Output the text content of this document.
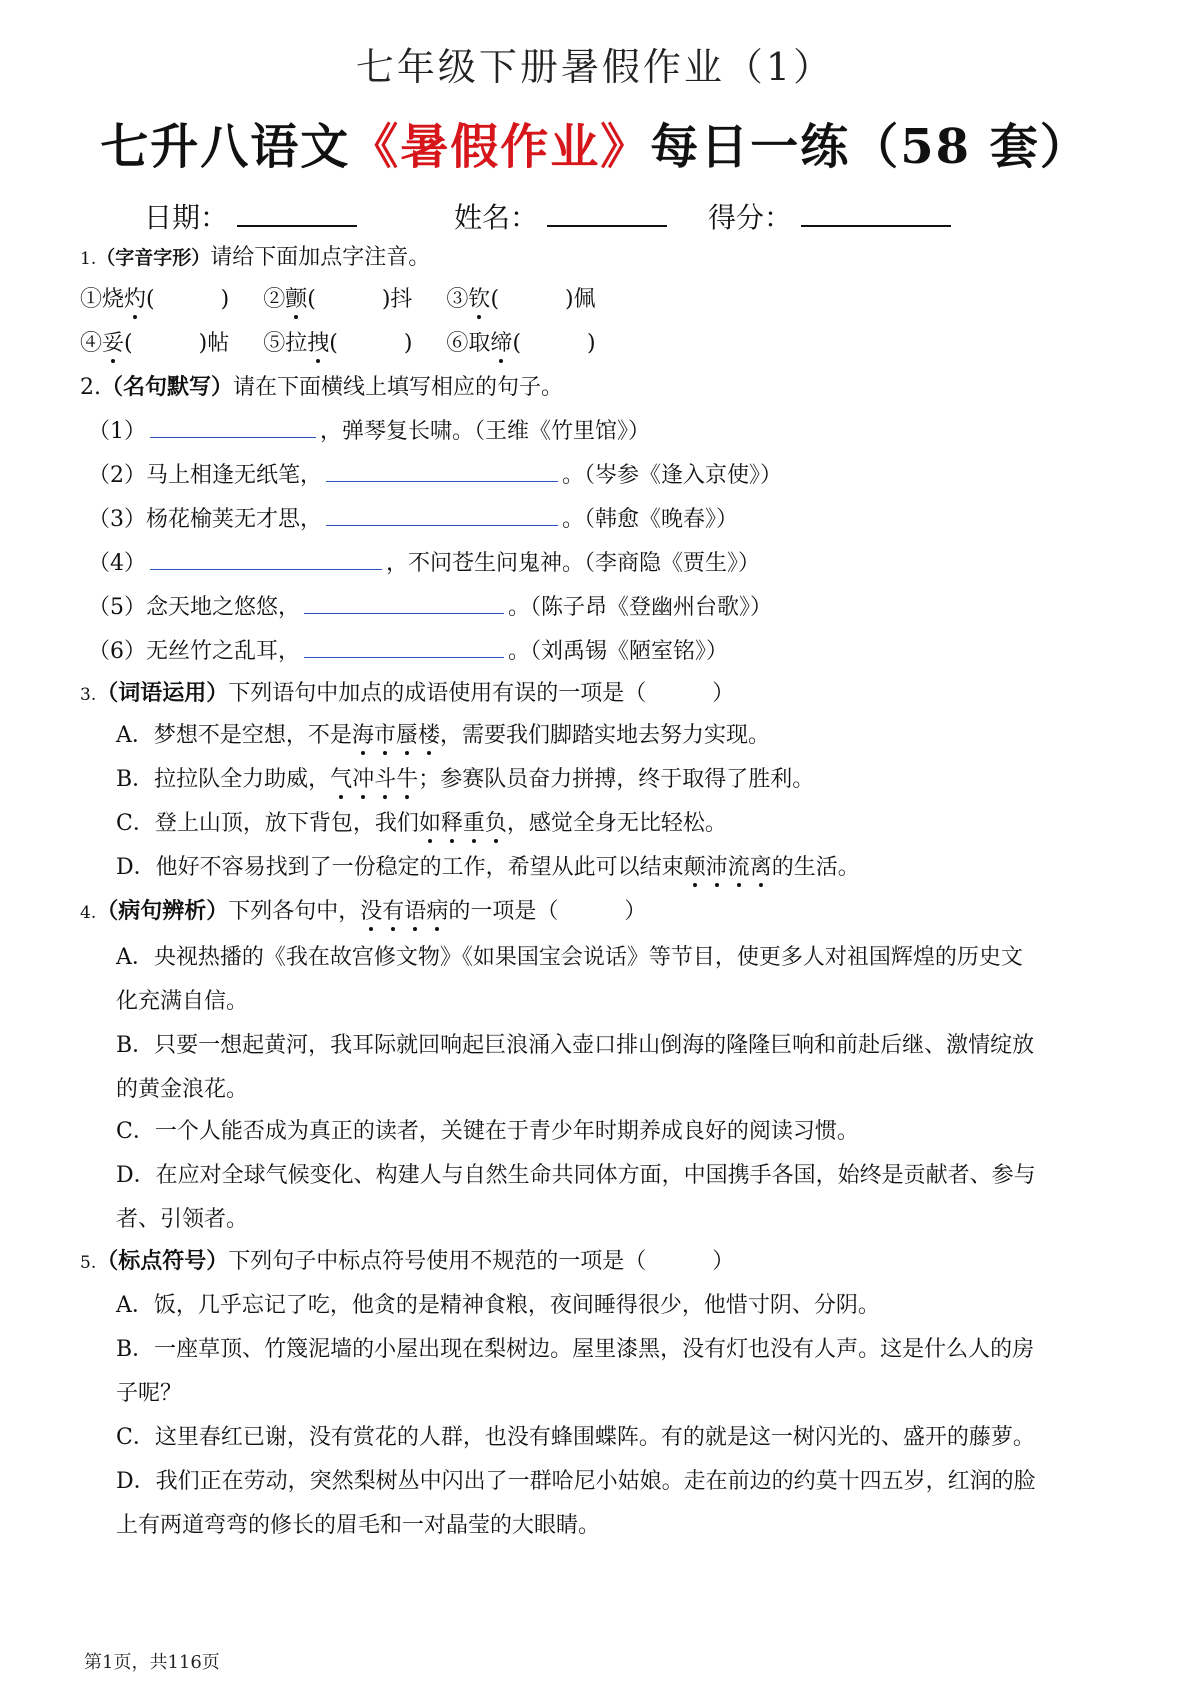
七年级下册暑假作业（1）
七升八语文《暑假作业》每日一练（58 套）
日期：	姓名：	得分：
1.（字音字形）请给下面加点字注音。
①烧灼(　　　) ②颤(　　　)抖 ③钦(　　　)佩
④妥(　　　)帖 ⑤拉拽(　　　) ⑥取缔(　　　)
2.（名句默写）请在下面横线上填写相应的句子。
（1）	，弹琴复长啸。（王维《竹里馆》）
（2）马上相逢无纸笔，	。（岑参《逢入京使》）
（3）杨花榆荚无才思，	。（韩愈《晚春》）
（4）	，不问苍生问鬼神。（李商隐《贾生》）
（5）念天地之悠悠，	。（陈子昂《登幽州台歌》）
（6）无丝竹之乱耳，	。（刘禹锡《陋室铭》）
3.（词语运用）下列语句中加点的成语使用有误的一项是（　　　）
A．梦想不是空想，不是海市蜃楼，需要我们脚踏实地去努力实现。
B．拉拉队全力助威，气冲斗牛；参赛队员奋力拼搏，终于取得了胜利。
C．登上山顶，放下背包，我们如释重负，感觉全身无比轻松。
D．他好不容易找到了一份稳定的工作，希望从此可以结束颠沛流离的生活。
4.（病句辨析）下列各句中，没有语病的一项是（　　　）
A．央视热播的《我在故宫修文物》《如果国宝会说话》等节目，使更多人对祖国辉煌的历史文
化充满自信。
B．只要一想起黄河，我耳际就回响起巨浪涌入壶口排山倒海的隆隆巨响和前赴后继、激情绽放
的黄金浪花。
C．一个人能否成为真正的读者，关键在于青少年时期养成良好的阅读习惯。
D．在应对全球气候变化、构建人与自然生命共同体方面，中国携手各国，始终是贡献者、参与
者、引领者。
5.（标点符号）下列句子中标点符号使用不规范的一项是（　　　）
A．饭，几乎忘记了吃，他贪的是精神食粮，夜间睡得很少，他惜寸阴、分阴。
B．一座草顶、竹篾泥墙的小屋出现在梨树边。屋里漆黑，没有灯也没有人声。这是什么人的房
子呢？
C．这里春红已谢，没有赏花的人群，也没有蜂围蝶阵。有的就是这一树闪光的、盛开的藤萝。
D．我们正在劳动，突然梨树丛中闪出了一群哈尼小姑娘。走在前边的约莫十四五岁，红润的脸
上有两道弯弯的修长的眉毛和一对晶莹的大眼睛。
第1页，共116页
